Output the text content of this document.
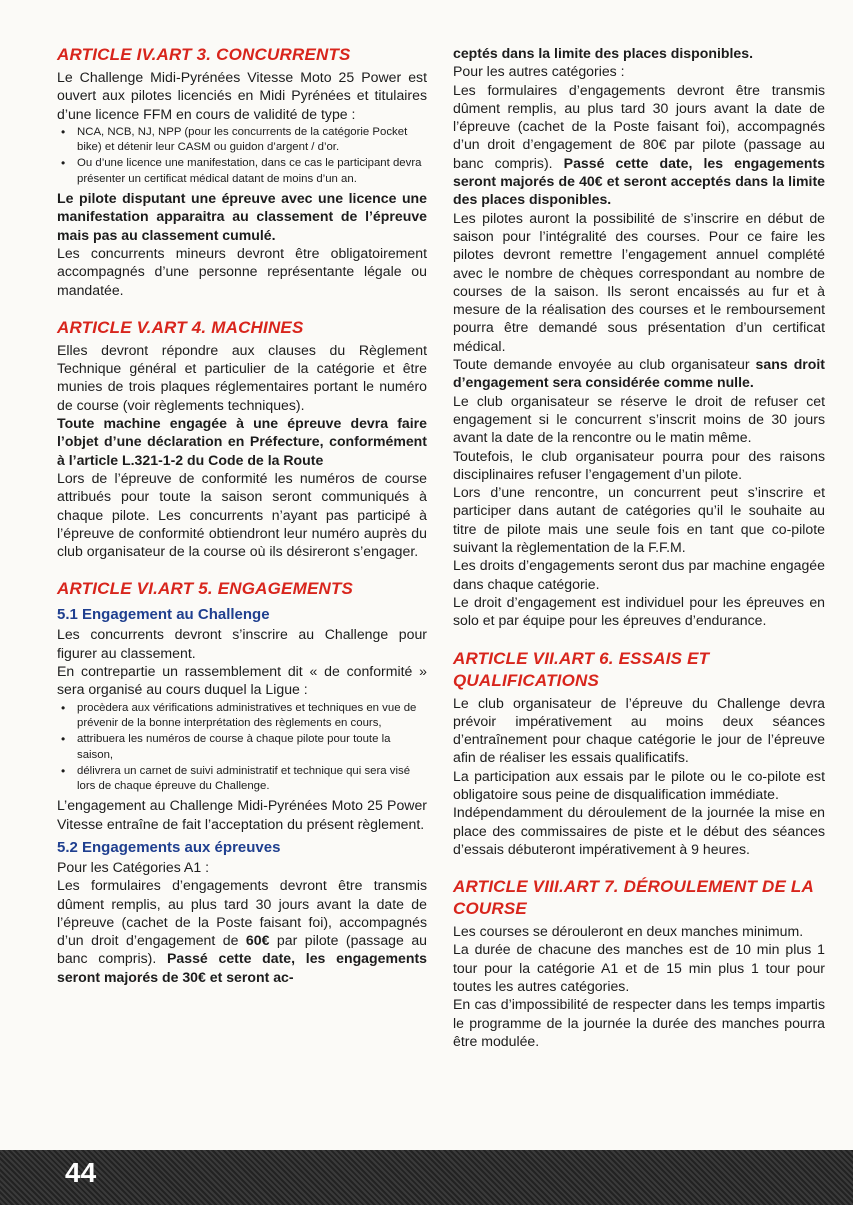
ARTICLE IV.ART 3. CONCURRENTS

Le Challenge Midi-Pyrénées Vitesse Moto 25 Power est ouvert aux pilotes licenciés en Midi Pyrénées et titulaires d’une licence FFM en cours de validité de type :

• NCA, NCB, NJ, NPP (pour les concurrents de la catégorie Pocket bike) et détenir leur CASM ou guidon d’argent / d’or.
• Ou d’une licence une manifestation, dans ce cas le participant devra présenter un certificat médical datant de moins d’un an.

Le pilote disputant une épreuve avec une licence une manifestation apparaitra au classement de l’épreuve mais pas au classement cumulé.

Les concurrents mineurs devront être obligatoirement accompagnés d’une personne représentante légale ou mandatée.

ARTICLE V.ART 4. MACHINES

Elles devront répondre aux clauses du Règlement Technique général et particulier de la catégorie et être munies de trois plaques réglementaires portant le numéro de course (voir règlements techniques).

Toute machine engagée à une épreuve devra faire l’objet d’une déclaration en Préfecture, conformément à l’article L.321-1-2 du Code de la Route

Lors de l’épreuve de conformité les numéros de course attribués pour toute la saison seront communiqués à chaque pilote. Les concurrents n’ayant pas participé à l’épreuve de conformité obtiendront leur numéro auprès du club organisateur de la course où ils désireront s’engager.

ARTICLE VI.ART 5. ENGAGEMENTS
5.1 Engagement au Challenge

Les concurrents devront s’inscrire au Challenge pour figurer au classement.

En contrepartie un rassemblement dit « de conformité » sera organisé au cours duquel la Ligue :

• procèdera aux vérifications administratives et techniques en vue de prévenir de la bonne interprétation des règlements en cours,
• attribuera les numéros de course à chaque pilote pour toute la saison,
• délivrera un carnet de suivi administratif et technique qui sera visé lors de chaque épreuve du Challenge.

L’engagement au Challenge Midi-Pyrénées Moto 25 Power Vitesse entraîne de fait l’acceptation du présent règlement.

5.2 Engagements aux épreuves

Pour les Catégories A1 :

Les formulaires d’engagements devront être transmis dûment remplis, au plus tard 30 jours avant la date de l’épreuve (cachet de la Poste faisant foi), accompagnés d’un droit d’engagement de 60€ par pilote (passage au banc compris). Passé cette date, les engagements seront majorés de 30€ et seront ac-

ceptés dans la limite des places disponibles.

Pour les autres catégories :

Les formulaires d’engagements devront être transmis dûment remplis, au plus tard 30 jours avant la date de l’épreuve (cachet de la Poste faisant foi), accompagnés d’un droit d’engagement de 80€ par pilote (passage au banc compris). Passé cette date, les engagements seront majorés de 40€ et seront acceptés dans la limite des places disponibles.

Les pilotes auront la possibilité de s’inscrire en début de saison pour l’intégralité des courses. Pour ce faire les pilotes devront remettre l’engagement annuel complété avec le nombre de chèques correspondant au nombre de courses de la saison. Ils seront encaissés au fur et à mesure de la réalisation des courses et le remboursement pourra être demandé sous présentation d’un certificat médical.

Toute demande envoyée au club organisateur sans droit d’engagement sera considérée comme nulle.

Le club organisateur se réserve le droit de refuser cet engagement si le concurrent s’inscrit moins de 30 jours avant la date de la rencontre ou le matin même.

Toutefois, le club organisateur pourra pour des raisons disciplinaires refuser l’engagement d’un pilote.

Lors d’une rencontre, un concurrent peut s’inscrire et participer dans autant de catégories qu’il le souhaite au titre de pilote mais une seule fois en tant que co-pilote suivant la règlementation de la F.F.M.

Les droits d’engagements seront dus par machine engagée dans chaque catégorie.

Le droit d’engagement est individuel pour les épreuves en solo et par équipe pour les épreuves d’endurance.

ARTICLE VII.ART 6. ESSAIS ET QUALIFICATIONS

Le club organisateur de l’épreuve du Challenge devra prévoir impérativement au moins deux séances d’entraînement pour chaque catégorie le jour de l’épreuve afin de réaliser les essais qualificatifs.

La participation aux essais par le pilote ou le co-pilote est obligatoire sous peine de disqualification immédiate.

Indépendamment du déroulement de la journée la mise en place des commissaires de piste et le début des séances d’essais débuteront impérativement à 9 heures.

ARTICLE VIII.ART 7. DÉROULEMENT DE LA COURSE

Les courses se dérouleront en deux manches minimum.

La durée de chacune des manches est de 10 min plus 1 tour pour la catégorie A1 et de 15 min plus 1 tour pour toutes les autres catégories.

En cas d’impossibilité de respecter dans les temps impartis le programme de la journée la durée des manches pourra être modulée.

44
